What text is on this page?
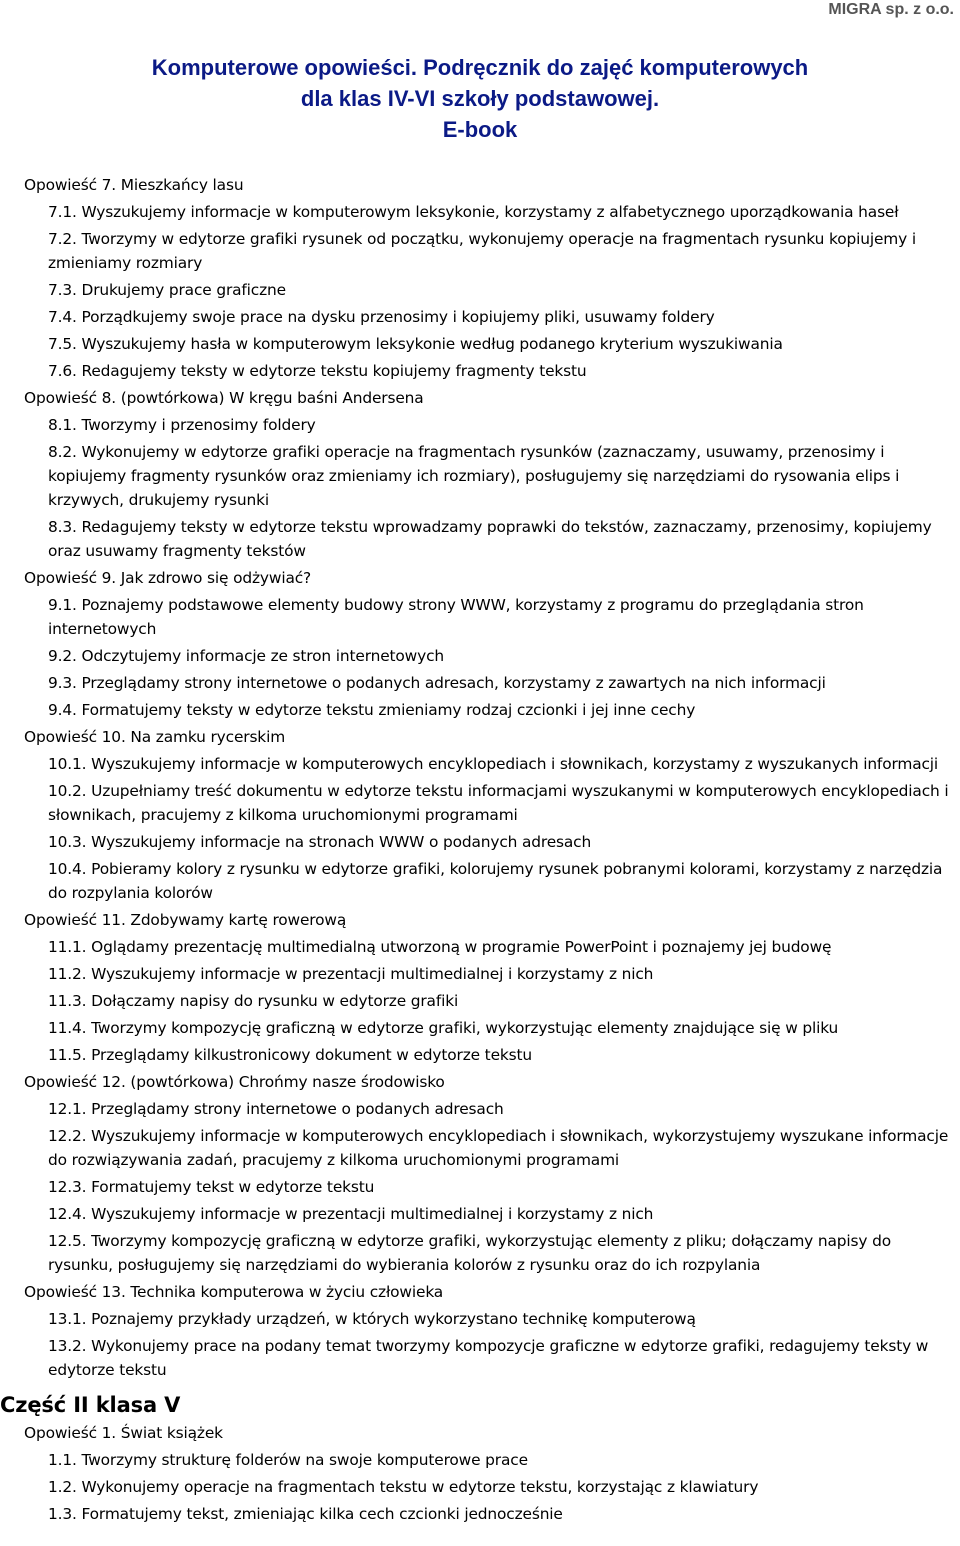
MIGRA sp. z o.o.
Komputerowe opowieści. Podręcznik do zajęć komputerowych
dla klas IV-VI szkoły podstawowej.
E-book
Opowieść 7. Mieszkańcy lasu
7.1. Wyszukujemy informacje w komputerowym leksykonie, korzystamy z alfabetycznego uporządkowania haseł
7.2. Tworzymy w edytorze grafiki rysunek od początku, wykonujemy operacje na fragmentach rysunku kopiujemy i zmieniamy rozmiary
7.3. Drukujemy prace graficzne
7.4. Porządkujemy swoje prace na dysku przenosimy i kopiujemy pliki, usuwamy foldery
7.5. Wyszukujemy hasła w komputerowym leksykonie według podanego kryterium wyszukiwania
7.6. Redagujemy teksty w edytorze tekstu kopiujemy fragmenty tekstu
Opowieść 8. (powtórkowa) W kręgu baśni Andersena
8.1. Tworzymy i przenosimy foldery
8.2. Wykonujemy w edytorze grafiki operacje na fragmentach rysunków (zaznaczamy, usuwamy, przenosimy i kopiujemy fragmenty rysunków oraz zmieniamy ich rozmiary), posługujemy się narzędziami do rysowania elips i krzywych, drukujemy rysunki
8.3. Redagujemy teksty w edytorze tekstu wprowadzamy poprawki do tekstów, zaznaczamy, przenosimy, kopiujemy oraz usuwamy fragmenty tekstów
Opowieść 9. Jak zdrowo się odżywiać?
9.1. Poznajemy podstawowe elementy budowy strony WWW, korzystamy z programu do przeglądania stron internetowych
9.2. Odczytujemy informacje ze stron internetowych
9.3. Przeglądamy strony internetowe o podanych adresach, korzystamy z zawartych na nich informacji
9.4. Formatujemy teksty w edytorze tekstu zmieniamy rodzaj czcionki i jej inne cechy
Opowieść 10. Na zamku rycerskim
10.1. Wyszukujemy informacje w komputerowych encyklopediach i słownikach, korzystamy z wyszukanych informacji
10.2. Uzupełniamy treść dokumentu w edytorze tekstu informacjami wyszukanymi w komputerowych encyklopediach i słownikach, pracujemy z kilkoma uruchomionymi programami
10.3. Wyszukujemy informacje na stronach WWW o podanych adresach
10.4. Pobieramy kolory z rysunku w edytorze grafiki, kolorujemy rysunek pobranymi kolorami, korzystamy z narzędzia do rozpylania kolorów
Opowieść 11. Zdobywamy kartę rowerową
11.1. Oglądamy prezentację multimedialną utworzoną w programie PowerPoint i poznajemy jej budowę
11.2. Wyszukujemy informacje w prezentacji multimedialnej i korzystamy z nich
11.3. Dołączamy napisy do rysunku w edytorze grafiki
11.4. Tworzymy kompozycję graficzną w edytorze grafiki, wykorzystując elementy znajdujące się w pliku
11.5. Przeglądamy kilkustronicowy dokument w edytorze tekstu
Opowieść 12. (powtórkowa) Chrońmy nasze środowisko
12.1. Przeglądamy strony internetowe o podanych adresach
12.2. Wyszukujemy informacje w komputerowych encyklopediach i słownikach, wykorzystujemy wyszukane informacje do rozwiązywania zadań, pracujemy z kilkoma uruchomionymi programami
12.3. Formatujemy tekst w edytorze tekstu
12.4. Wyszukujemy informacje w prezentacji multimedialnej i korzystamy z nich
12.5. Tworzymy kompozycję graficzną w edytorze grafiki, wykorzystując elementy z pliku; dołączamy napisy do rysunku, posługujemy się narzędziami do wybierania kolorów z rysunku oraz do ich rozpylania
Opowieść 13. Technika komputerowa w życiu człowieka
13.1. Poznajemy przykłady urządzeń, w których wykorzystano technikę komputerową
13.2. Wykonujemy prace na podany temat tworzymy kompozycje graficzne w edytorze grafiki, redagujemy teksty w edytorze tekstu
Część II klasa V
Opowieść 1. Świat książek
1.1. Tworzymy strukturę folderów na swoje komputerowe prace
1.2. Wykonujemy operacje na fragmentach tekstu w edytorze tekstu, korzystając z klawiatury
1.3. Formatujemy tekst, zmieniając kilka cech czcionki jednocześnie
